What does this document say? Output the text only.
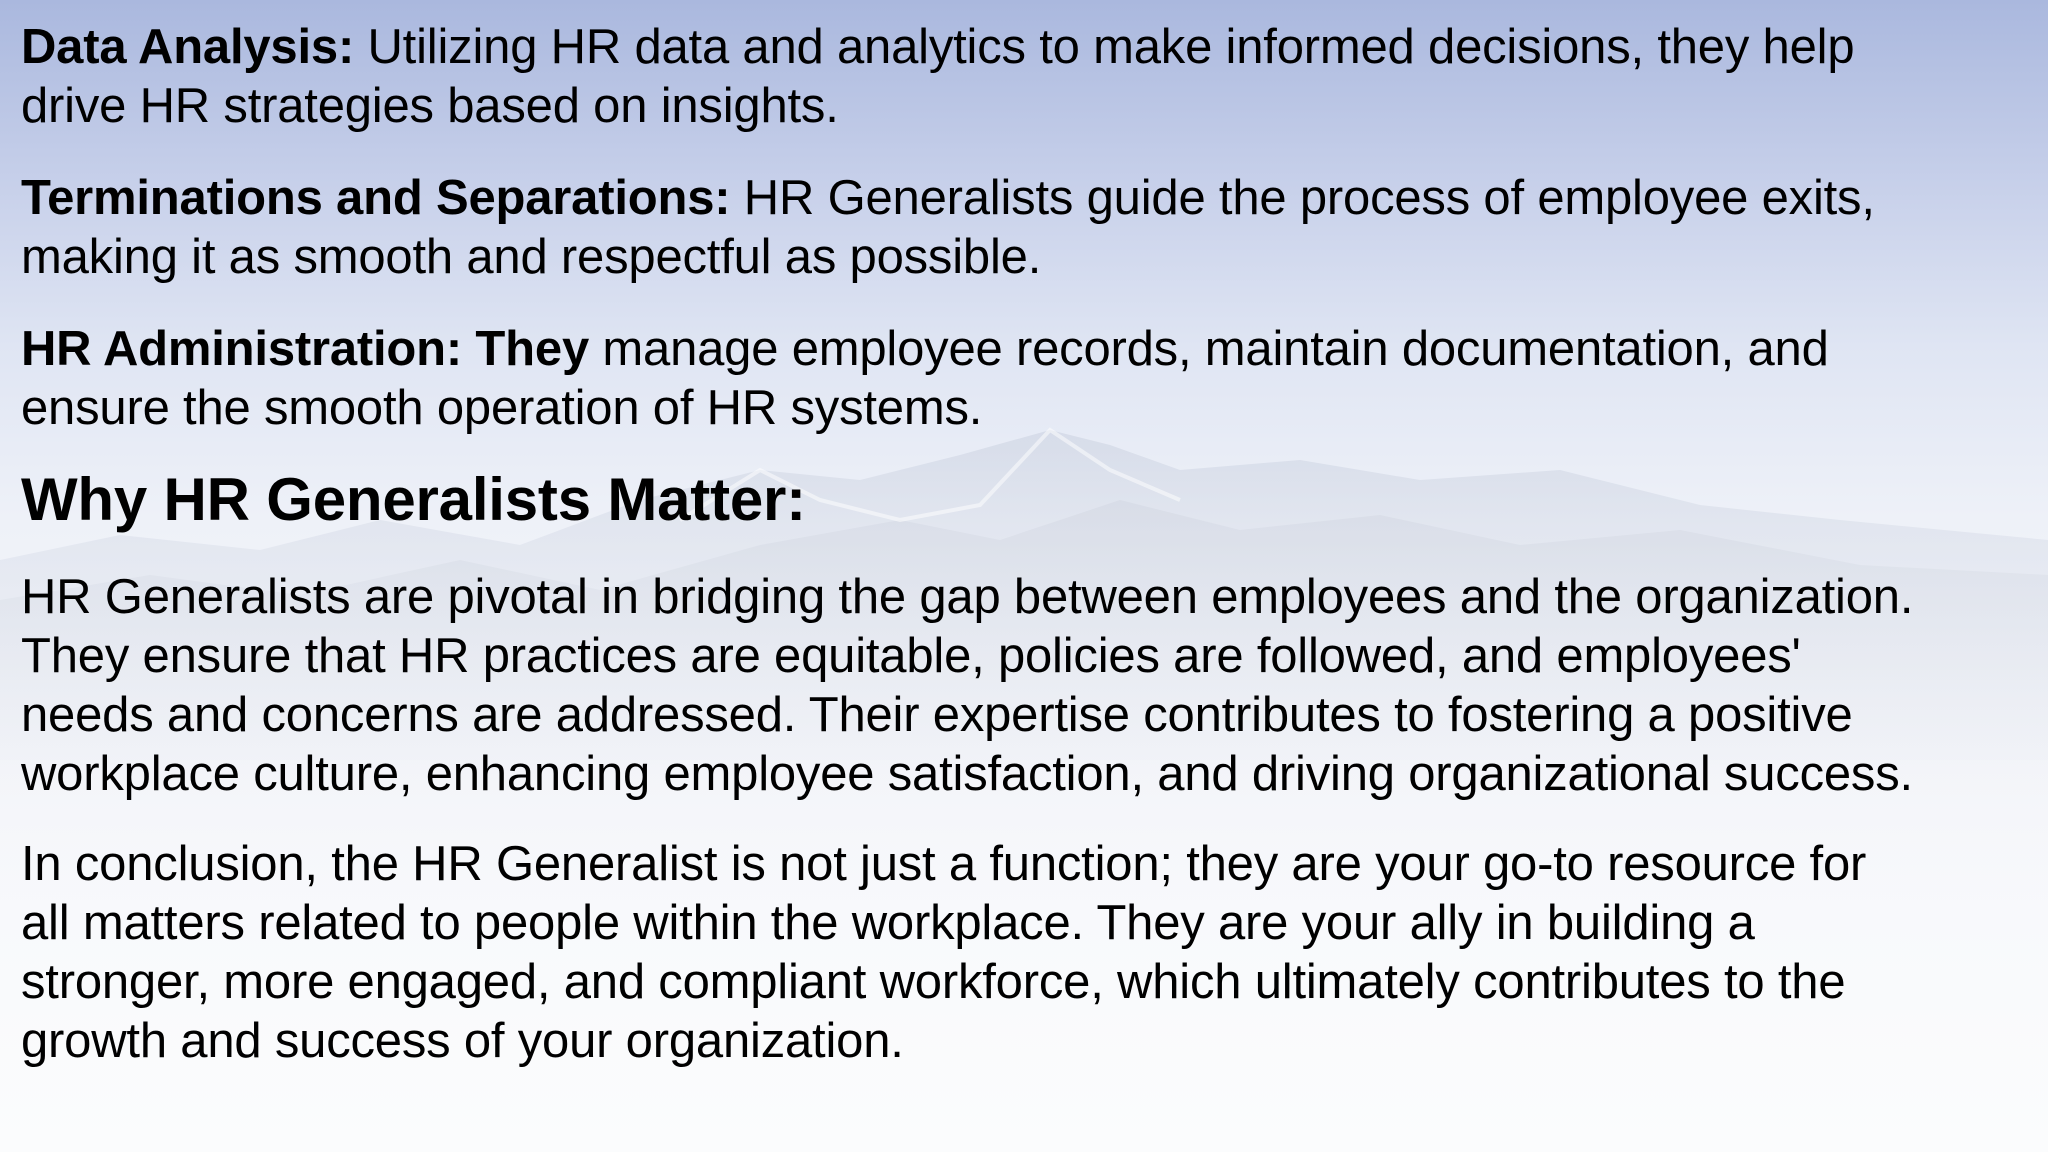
Data Analysis: Utilizing HR data and analytics to make informed decisions, they help
drive HR strategies based on insights.

Terminations and Separations: HR Generalists guide the process of employee exits,
making it as smooth and respectful as possible.

HR Administration: They manage employee records, maintain documentation, and
ensure the smooth operation of HR systems.

Why HR Generalists Matter:

HR Generalists are pivotal in bridging the gap between employees and the organization.
They ensure that HR practices are equitable, policies are followed, and employees'
needs and concerns are addressed. Their expertise contributes to fostering a positive
workplace culture, enhancing employee satisfaction, and driving organizational success.

In conclusion, the HR Generalist is not just a function; they are your go-to resource for
all matters related to people within the workplace. They are your ally in building a
stronger, more engaged, and compliant workforce, which ultimately contributes to the
growth and success of your organization.
